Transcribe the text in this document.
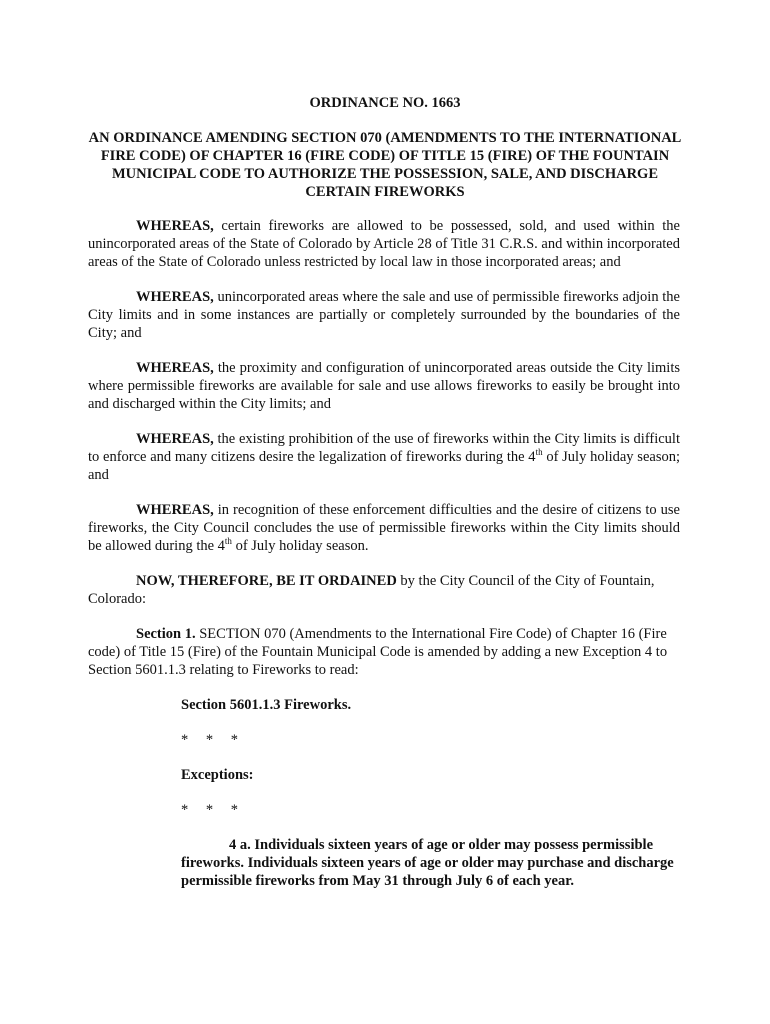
ORDINANCE NO. 1663
AN ORDINANCE AMENDING SECTION 070 (AMENDMENTS TO THE INTERNATIONAL FIRE CODE) OF CHAPTER 16 (FIRE CODE) OF TITLE 15 (FIRE) OF THE FOUNTAIN MUNICIPAL CODE TO AUTHORIZE THE POSSESSION, SALE, AND DISCHARGE CERTAIN FIREWORKS

WHEREAS, certain fireworks are allowed to be possessed, sold, and used within the unincorporated areas of the State of Colorado by Article 28 of Title 31 C.R.S. and within incorporated areas of the State of Colorado unless restricted by local law in those incorporated areas; and

WHEREAS, unincorporated areas where the sale and use of permissible fireworks adjoin the City limits and in some instances are partially or completely surrounded by the boundaries of the City; and

WHEREAS, the proximity and configuration of unincorporated areas outside the City limits where permissible fireworks are available for sale and use allows fireworks to easily be brought into and discharged within the City limits; and

WHEREAS, the existing prohibition of the use of fireworks within the City limits is difficult to enforce and many citizens desire the legalization of fireworks during the 4th of July holiday season; and

WHEREAS, in recognition of these enforcement difficulties and the desire of citizens to use fireworks, the City Council concludes the use of permissible fireworks within the City limits should be allowed during the 4th of July holiday season.

NOW, THEREFORE, BE IT ORDAINED by the City Council of the City of Fountain, Colorado:

Section 1. SECTION 070 (Amendments to the International Fire Code) of Chapter 16 (Fire code) of Title 15 (Fire) of the Fountain Municipal Code is amended by adding a new Exception 4 to Section 5601.1.3 relating to Fireworks to read:

Section 5601.1.3 Fireworks.

* * *

Exceptions:

* * *

4 a. Individuals sixteen years of age or older may possess permissible fireworks. Individuals sixteen years of age or older may purchase and discharge permissible fireworks from May 31 through July 6 of each year.
